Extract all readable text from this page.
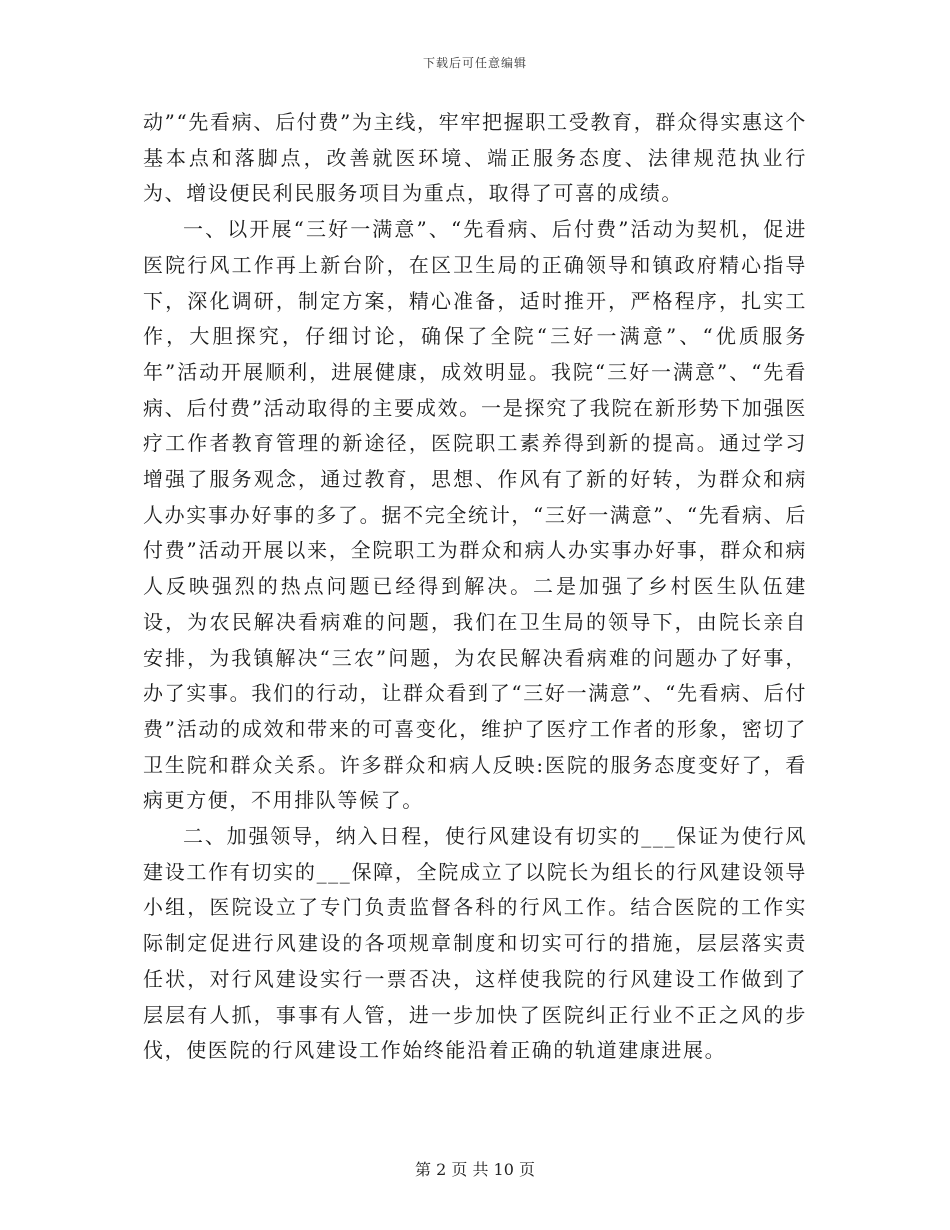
下载后可任意编辑

动”“先看病、后付费”为主线，牢牢把握职工受教育，群众得实惠这个基本点和落脚点，改善就医环境、端正服务态度、法律规范执业行为、增设便民利民服务项目为重点，取得了可喜的成绩。

一、以开展“三好一满意”、“先看病、后付费”活动为契机，促进医院行风工作再上新台阶，在区卫生局的正确领导和镇政府精心指导下，深化调研，制定方案，精心准备，适时推开，严格程序，扎实工作，大胆探究，仔细讨论，确保了全院“三好一满意”、“优质服务年”活动开展顺利，进展健康，成效明显。我院“三好一满意”、“先看病、后付费”活动取得的主要成效。一是探究了我院在新形势下加强医疗工作者教育管理的新途径，医院职工素养得到新的提高。通过学习增强了服务观念，通过教育，思想、作风有了新的好转，为群众和病人办实事办好事的多了。据不完全统计，“三好一满意”、“先看病、后付费”活动开展以来，全院职工为群众和病人办实事办好事，群众和病人反映强烈的热点问题已经得到解决。二是加强了乡村医生队伍建设，为农民解决看病难的问题，我们在卫生局的领导下，由院长亲自安排，为我镇解决“三农”问题，为农民解决看病难的问题办了好事，办了实事。我们的行动，让群众看到了“三好一满意”、“先看病、后付费”活动的成效和带来的可喜变化，维护了医疗工作者的形象，密切了卫生院和群众关系。许多群众和病人反映:医院的服务态度变好了，看病更方便，不用排队等候了。

二、加强领导，纳入日程，使行风建设有切实的___保证为使行风建设工作有切实的___保障，全院成立了以院长为组长的行风建设领导小组，医院设立了专门负责监督各科的行风工作。结合医院的工作实际制定促进行风建设的各项规章制度和切实可行的措施，层层落实责任状，对行风建设实行一票否决，这样使我院的行风建设工作做到了层层有人抓，事事有人管，进一步加快了医院纠正行业不正之风的步伐，使医院的行风建设工作始终能沿着正确的轨道建康进展。

第 2 页 共 10 页
